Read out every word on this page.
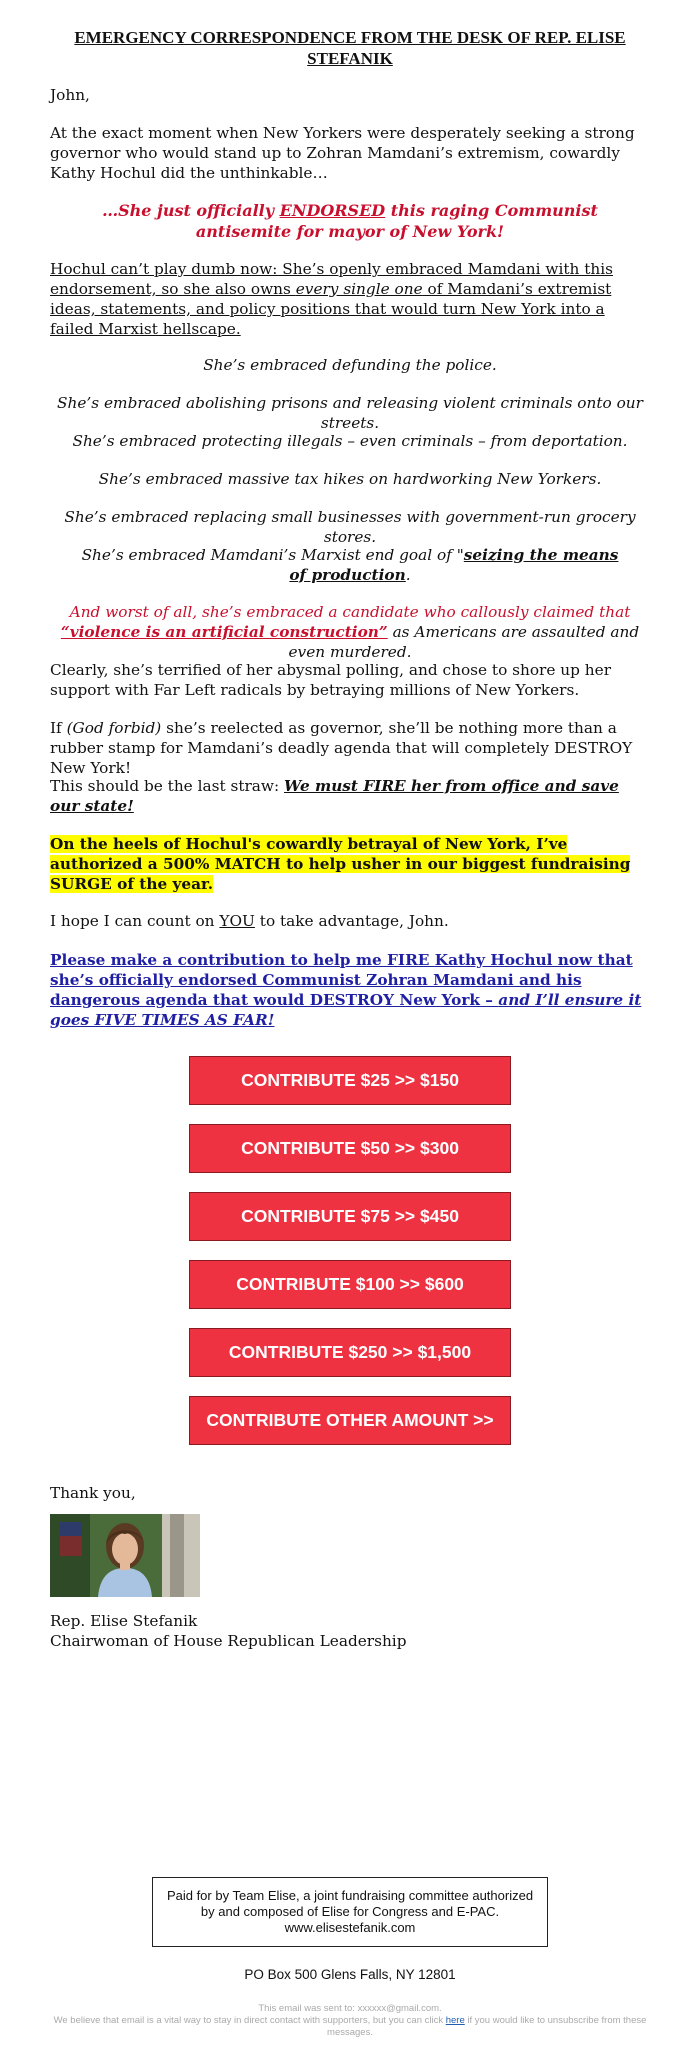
EMERGENCY CORRESPONDENCE FROM THE DESK OF REP. ELISE STEFANIK
John,
At the exact moment when New Yorkers were desperately seeking a strong governor who would stand up to Zohran Mamdani’s extremism, cowardly Kathy Hochul did the unthinkable…
…She just officially ENDORSED this raging Communist antisemite for mayor of New York!
Hochul can’t play dumb now: She’s openly embraced Mamdani with this endorsement, so she also owns every single one of Mamdani’s extremist ideas, statements, and policy positions that would turn New York into a failed Marxist hellscape.
She’s embraced defunding the police.
She’s embraced abolishing prisons and releasing violent criminals onto our streets.
She’s embraced protecting illegals – even criminals – from deportation.
She’s embraced massive tax hikes on hardworking New Yorkers.
She’s embraced replacing small businesses with government-run grocery stores.
She’s embraced Mamdani’s Marxist end goal of "seizing the means of production.
And worst of all, she’s embraced a candidate who callously claimed that “violence is an artificial construction” as Americans are assaulted and even murdered.
Clearly, she’s terrified of her abysmal polling, and chose to shore up her support with Far Left radicals by betraying millions of New Yorkers.
If (God forbid) she’s reelected as governor, she’ll be nothing more than a rubber stamp for Mamdani’s deadly agenda that will completely DESTROY New York!
This should be the last straw: We must FIRE her from office and save our state!
On the heels of Hochul's cowardly betrayal of New York, I’ve authorized a 500% MATCH to help usher in our biggest fundraising SURGE of the year.
I hope I can count on YOU to take advantage, John.
Please make a contribution to help me FIRE Kathy Hochul now that she’s officially endorsed Communist Zohran Mamdani and his dangerous agenda that would DESTROY New York – and I’ll ensure it goes FIVE TIMES AS FAR!
CONTRIBUTE $25 >> $150
CONTRIBUTE $50 >> $300
CONTRIBUTE $75 >> $450
CONTRIBUTE $100 >> $600
CONTRIBUTE $250 >> $1,500
CONTRIBUTE OTHER AMOUNT >>
Thank you,
Rep. Elise Stefanik
Chairwoman of House Republican Leadership
Paid for by Team Elise, a joint fundraising committee authorized by and composed of Elise for Congress and E-PAC. www.elisestefanik.com
PO Box 500 Glens Falls, NY 12801
This email was sent to: xxxxxx@gmail.com.
We believe that email is a vital way to stay in direct contact with supporters, but you can click here if you would like to unsubscribe from these messages.
